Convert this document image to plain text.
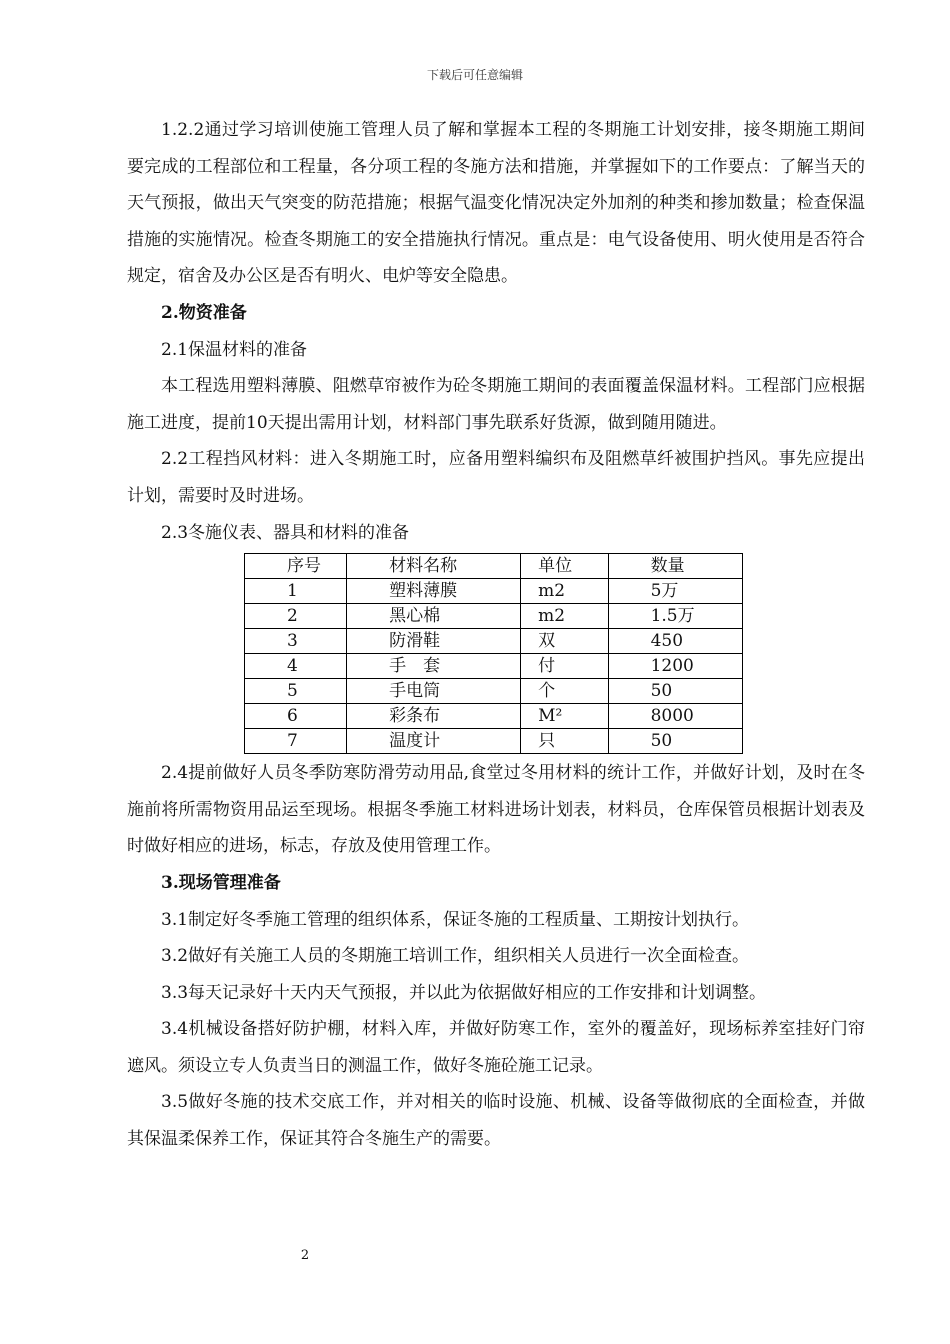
下载后可任意编辑

1.2.2通过学习培训使施工管理人员了解和掌握本工程的冬期施工计划安排，接冬期施工期间要完成的工程部位和工程量，各分项工程的冬施方法和措施，并掌握如下的工作要点：了解当天的天气预报，做出天气突变的防范措施；根据气温变化情况决定外加剂的种类和掺加数量；检查保温措施的实施情况。检查冬期施工的安全措施执行情况。重点是：电气设备使用、明火使用是否符合规定，宿舍及办公区是否有明火、电炉等安全隐患。

2.物资准备

2.1保温材料的准备

本工程选用塑料薄膜、阻燃草帘被作为砼冬期施工期间的表面覆盖保温材料。工程部门应根据施工进度，提前10天提出需用计划，材料部门事先联系好货源，做到随用随进。

2.2工程挡风材料：进入冬期施工时，应备用塑料编织布及阻燃草纤被围护挡风。事先应提出计划，需要时及时进场。

2.3冬施仪表、器具和材料的准备

序号	材料名称	单位	数量
1	塑料薄膜	m2	5万
2	黑心棉	m2	1.5万
3	防滑鞋	双	450
4	手　套	付	1200
5	手电筒	个	50
6	彩条布	M²	8000
7	温度计	只	50

2.4提前做好人员冬季防寒防滑劳动用品,食堂过冬用材料的统计工作，并做好计划，及时在冬施前将所需物资用品运至现场。根据冬季施工材料进场计划表，材料员，仓库保管员根据计划表及时做好相应的进场，标志，存放及使用管理工作。

3.现场管理准备

3.1制定好冬季施工管理的组织体系，保证冬施的工程质量、工期按计划执行。

3.2做好有关施工人员的冬期施工培训工作，组织相关人员进行一次全面检查。

3.3每天记录好十天内天气预报，并以此为依据做好相应的工作安排和计划调整。

3.4机械设备搭好防护棚，材料入库，并做好防寒工作，室外的覆盖好，现场标养室挂好门帘遮风。须设立专人负责当日的测温工作，做好冬施砼施工记录。

3.5做好冬施的技术交底工作，并对相关的临时设施、机械、设备等做彻底的全面检查，并做其保温柔保养工作，保证其符合冬施生产的需要。

2
